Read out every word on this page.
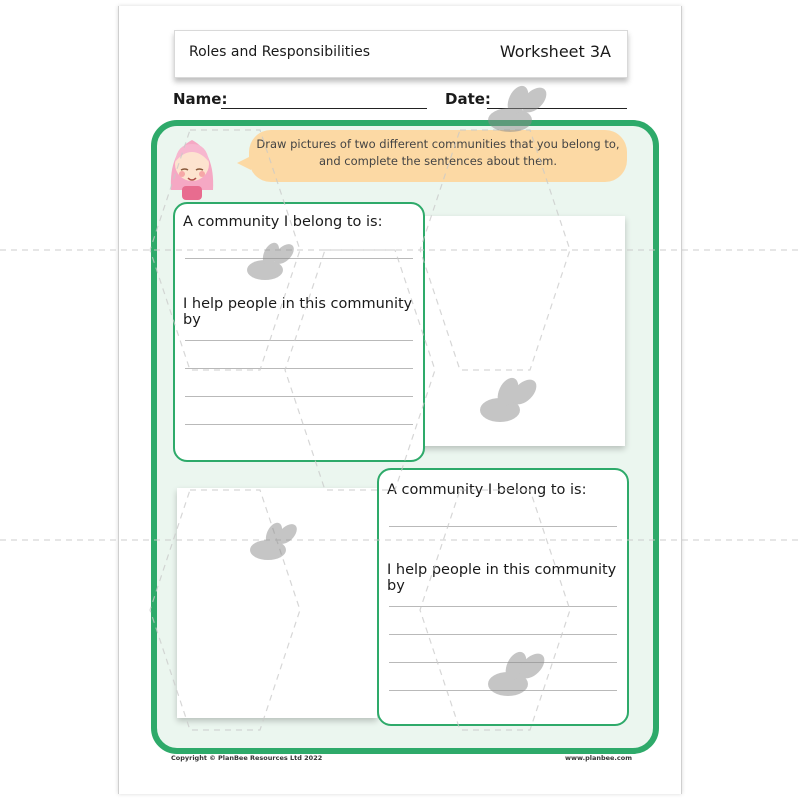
Roles and Responsibilities	Worksheet 3A
Name:	Date:
Draw pictures of two different communities that you belong to,
and complete the sentences about them.
A community I belong to is:
I help people in this community by
A community I belong to is:
I help people in this community by
Copyright © PlanBee Resources Ltd 2022	www.planbee.com
